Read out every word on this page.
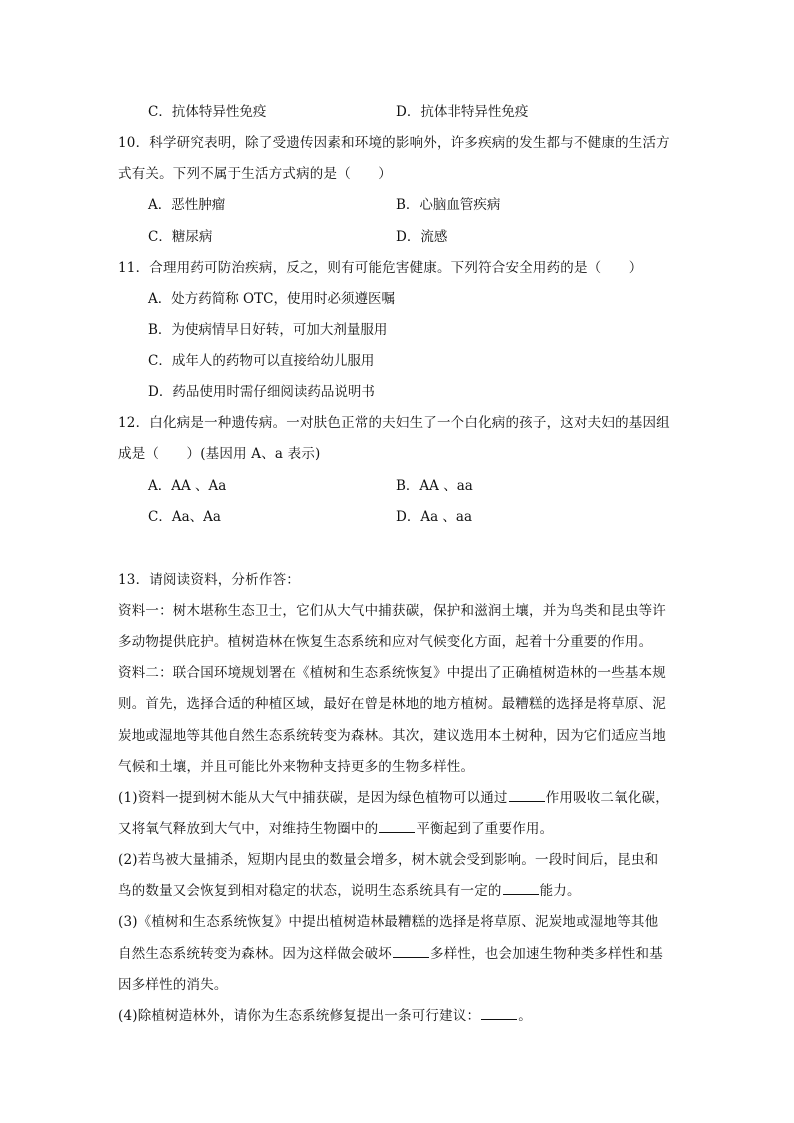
C．抗体特异性免疫	D．抗体非特异性免疫
10．科学研究表明，除了受遗传因素和环境的影响外，许多疾病的发生都与不健康的生活方
式有关。下列不属于生活方式病的是（　　）
A．恶性肿瘤	B．心脑血管疾病
C．糖尿病	D．流感
11．合理用药可防治疾病，反之，则有可能危害健康。下列符合安全用药的是（　　）
A．处方药简称 OTC，使用时必须遵医嘱
B．为使病情早日好转，可加大剂量服用
C．成年人的药物可以直接给幼儿服用
D．药品使用时需仔细阅读药品说明书
12．白化病是一种遗传病。一对肤色正常的夫妇生了一个白化病的孩子，这对夫妇的基因组
成是（　　）(基因用 A、a 表示)
A．AA 、Aa	B．AA 、aa
C．Aa、Aa	D．Aa 、aa
13．请阅读资料，分析作答：
资料一：树木堪称生态卫士，它们从大气中捕获碳，保护和滋润土壤，并为鸟类和昆虫等许
多动物提供庇护。植树造林在恢复生态系统和应对气候变化方面，起着十分重要的作用。
资料二：联合国环境规划署在《植树和生态系统恢复》中提出了正确植树造林的一些基本规
则。首先，选择合适的种植区域，最好在曾是林地的地方植树。最糟糕的选择是将草原、泥
炭地或湿地等其他自然生态系统转变为森林。其次，建议选用本土树种，因为它们适应当地
气候和土壤，并且可能比外来物种支持更多的生物多样性。
(1)资料一提到树木能从大气中捕获碳，是因为绿色植物可以通过	作用吸收二氧化碳，
又将氧气释放到大气中，对维持生物圈中的	平衡起到了重要作用。
(2)若鸟被大量捕杀，短期内昆虫的数量会增多，树木就会受到影响。一段时间后，昆虫和
鸟的数量又会恢复到相对稳定的状态，说明生态系统具有一定的	能力。
(3)《植树和生态系统恢复》中提出植树造林最糟糕的选择是将草原、泥炭地或湿地等其他
自然生态系统转变为森林。因为这样做会破坏	多样性，也会加速生物种类多样性和基
因多样性的消失。
(4)除植树造林外，请你为生态系统修复提出一条可行建议：	。
